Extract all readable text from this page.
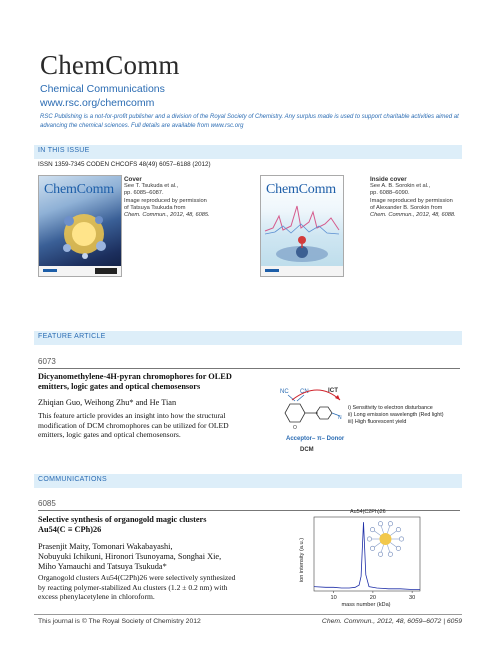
ChemComm
Chemical Communications
www.rsc.org/chemcomm
RSC Publishing is a not-for-profit publisher and a division of the Royal Society of Chemistry. Any surplus made is used to support charitable activities aimed at advancing the chemical sciences. Full details are available from www.rsc.org
IN THIS ISSUE
ISSN 1359-7345 CODEN CHCOFS 48(49) 6057–6188 (2012)
ChemComm
Cover
See T. Tsukuda et al.,
pp. 6085–6087.
Image reproduced by permission
of Tatsuya Tsukuda from
Chem. Commun., 2012, 48, 6085.
ChemComm
Inside cover
See A. B. Sorokin et al.,
pp. 6088–6090.
Image reproduced by permission
of Alexander B. Sorokin from
Chem. Commun., 2012, 48, 6088.
FEATURE ARTICLE
6073
Dicyanomethylene-4H-pyran chromophores for OLED
emitters, logic gates and optical chemosensors
Zhiqian Guo, Weihong Zhu* and He Tian
This feature article provides an insight into how the structural
modification of DCM chromophores can be utilized for OLED
emitters, logic gates and optical chemosensors.
NC CN
O
N
ICT
Acceptor– π– Donor
DCM
i) Sensitivity to electron disturbance
ii) Long emission wavelength (Red light)
iii) High fluorescent yield
COMMUNICATIONS
6085
Selective synthesis of organogold magic clusters
Au54(C ≡ CPh)26
Prasenjit Maity, Tomonari Wakabayashi,
Nobuyuki Ichikuni, Hironori Tsunoyama, Songhai Xie,
Miho Yamauchi and Tatsuya Tsukuda*
Organogold clusters Au54(C2Ph)26 were selectively synthesized
by reacting polymer-stabilized Au clusters (1.2 ± 0.2 nm) with
excess phenylacetylene in chloroform.
ion intensity (a.u.)
mass number (kDa)
Au54(C2Ph)26
10	20	30
This journal is © The Royal Society of Chemistry 2012	Chem. Commun., 2012, 48, 6059–6072 | 6059
